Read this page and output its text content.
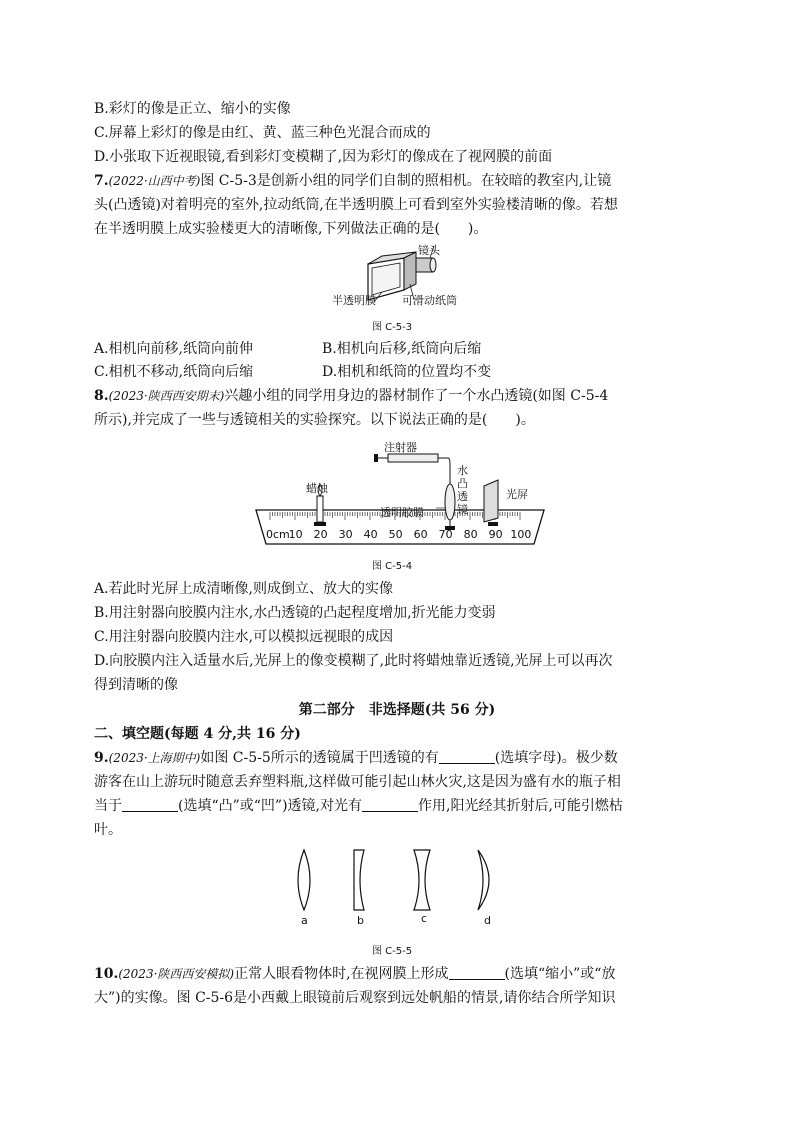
B.彩灯的像是正立、缩小的实像
C.屏幕上彩灯的像是由红、黄、蓝三种色光混合而成的
D.小张取下近视眼镜,看到彩灯变模糊了,因为彩灯的像成在了视网膜的前面
7.(2022·山西中考)图 C-5-3是创新小组的同学们自制的照相机。在较暗的教室内,让镜
头(凸透镜)对着明亮的室外,拉动纸筒,在半透明膜上可看到室外实验楼清晰的像。若想
在半透明膜上成实验楼更大的清晰像,下列做法正确的是(　　)。
镜头
半透明膜 可滑动纸筒
图 C-5-3
A.相机向前移,纸筒向前伸	B.相机向后移,纸筒向后缩
C.相机不移动,纸筒向后缩	D.相机和纸筒的位置均不变
8.(2023·陕西西安期末)兴趣小组的同学用身边的器材制作了一个水凸透镜(如图 C-5-4
所示),并完成了一些与透镜相关的实验探究。以下说法正确的是(　　)。
注射器
蜡烛
透明胶膜
水凸透镜
光屏
0cm
10 20 30 40 50 60 70 80 90 100
图 C-5-4
A.若此时光屏上成清晰像,则成倒立、放大的实像
B.用注射器向胶膜内注水,水凸透镜的凸起程度增加,折光能力变弱
C.用注射器向胶膜内注水,可以模拟远视眼的成因
D.向胶膜内注入适量水后,光屏上的像变模糊了,此时将蜡烛靠近透镜,光屏上可以再次
得到清晰的像
第二部分　非选择题(共 56 分)
二、填空题(每题 4 分,共 16 分)
9.(2023·上海期中)如图 C-5-5所示的透镜属于凹透镜的有	(选填字母)。极少数
游客在山上游玩时随意丢弃塑料瓶,这样做可能引起山林火灾,这是因为盛有水的瓶子相
当于	(选填“凸”或“凹”)透镜,对光有	作用,阳光经其折射后,可能引燃枯
叶。
a	b	c	d
图 C-5-5
10.(2023·陕西西安模拟)正常人眼看物体时,在视网膜上形成	(选填“缩小”或“放
大”)的实像。图 C-5-6是小西戴上眼镜前后观察到远处帆船的情景,请你结合所学知识
